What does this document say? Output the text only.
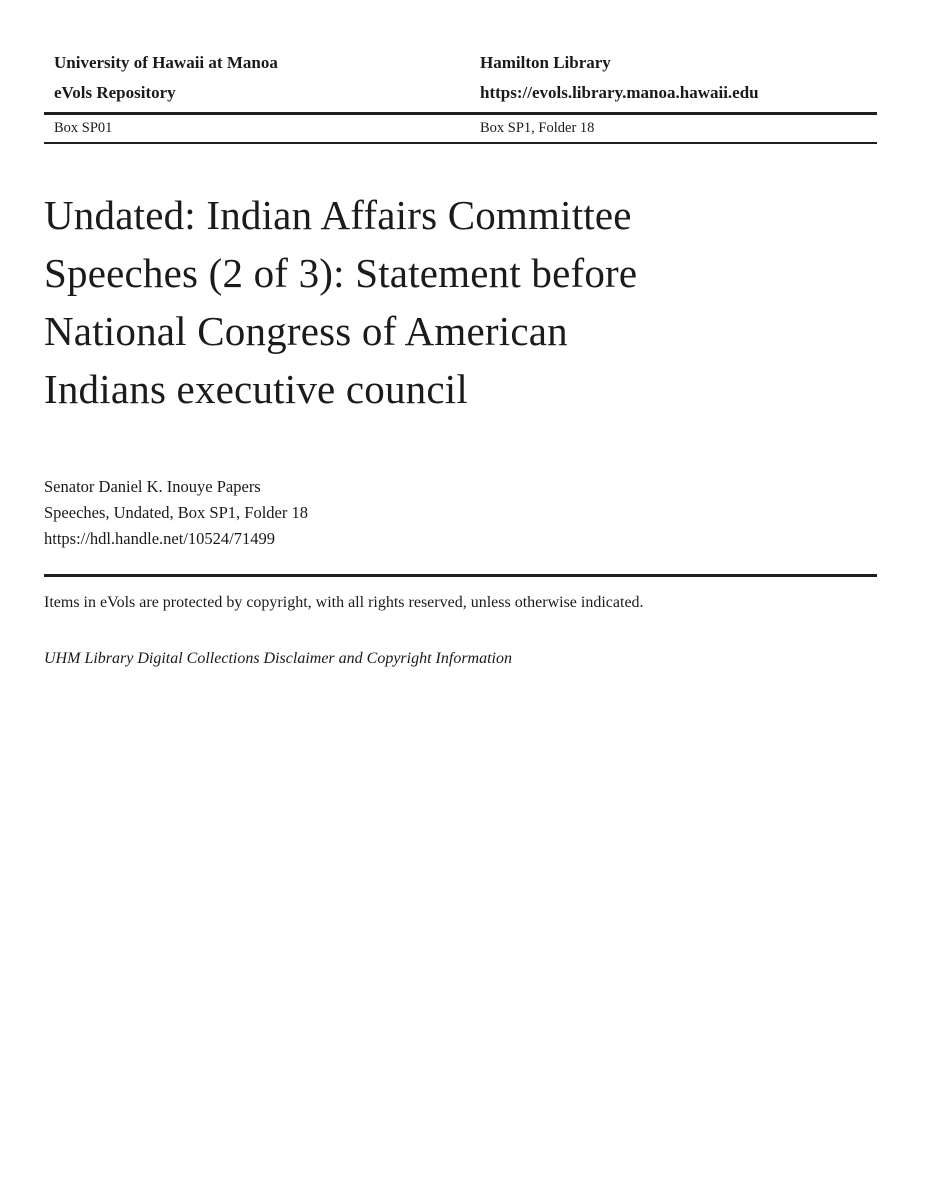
University of Hawaii at Manoa
eVols Repository
Hamilton Library
https://evols.library.manoa.hawaii.edu
Box SP01	Box SP1, Folder 18
Undated: Indian Affairs Committee
Speeches (2 of 3): Statement before
National Congress of American
Indians executive council
Senator Daniel K. Inouye Papers
Speeches, Undated, Box SP1, Folder 18
https://hdl.handle.net/10524/71499

Items in eVols are protected by copyright, with all rights reserved, unless otherwise indicated.

UHM Library Digital Collections Disclaimer and Copyright Information
